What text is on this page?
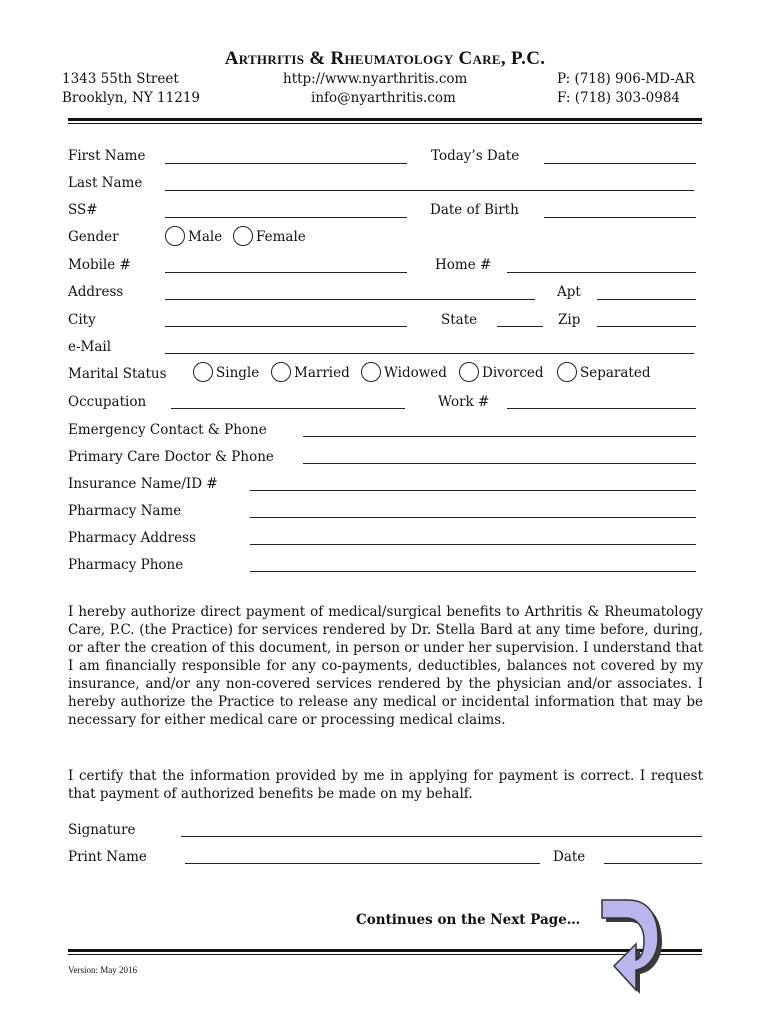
Arthritis & Rheumatology Care, P.C.
1343 55th Street
Brooklyn, NY 11219
http://www.nyarthritis.com
info@nyarthritis.com
P: (718) 906-MD-AR
F: (718) 303-0984
First Name	Today’s Date
Last Name
SS#	Date of Birth
Gender	Male	Female
Mobile #	Home #
Address	Apt
City	State	Zip
e-Mail
Marital Status	Single	Married	Widowed	Divorced	Separated
Occupation	Work #
Emergency Contact & Phone
Primary Care Doctor & Phone
Insurance Name/ID #
Pharmacy Name
Pharmacy Address
Pharmacy Phone
I hereby authorize direct payment of medical/surgical benefits to Arthritis & Rheumatology Care, P.C. (the Practice) for services rendered by Dr. Stella Bard at any time before, during, or after the creation of this document, in person or under her supervision. I understand that I am financially responsible for any co-payments, deductibles, balances not covered by my insurance, and/or any non-covered services rendered by the physician and/or associates. I hereby authorize the Practice to release any medical or incidental information that may be necessary for either medical care or processing medical claims.
I certify that the information provided by me in applying for payment is correct. I request that payment of authorized benefits be made on my behalf.
Signature
Print Name	Date
Continues on the Next Page…
Version: May 2016
